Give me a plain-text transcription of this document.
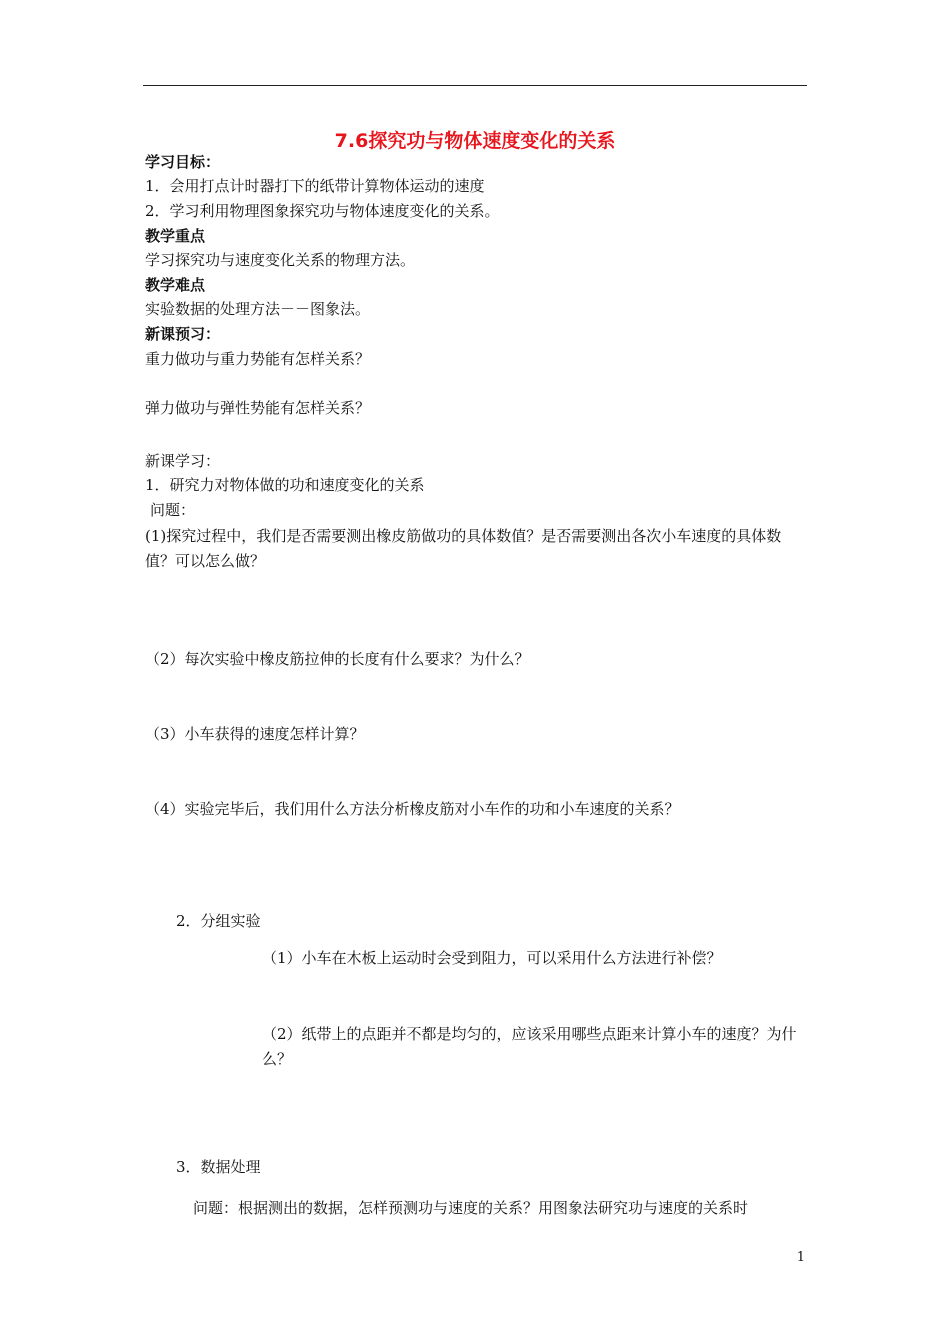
7.6探究功与物体速度变化的关系
学习目标：
1．会用打点计时器打下的纸带计算物体运动的速度
2．学习利用物理图象探究功与物体速度变化的关系。
教学重点
学习探究功与速度变化关系的物理方法。
教学难点
实验数据的处理方法－－图象法。
新课预习：
重力做功与重力势能有怎样关系？
弹力做功与弹性势能有怎样关系？
新课学习：
1．研究力对物体做的功和速度变化的关系
问题：
(1)探究过程中，我们是否需要测出橡皮筋做功的具体数值？是否需要测出各次小车速度的具体数值？可以怎么做？
（2）每次实验中橡皮筋拉伸的长度有什么要求？为什么？
（3）小车获得的速度怎样计算？
（4）实验完毕后，我们用什么方法分析橡皮筋对小车作的功和小车速度的关系？
2．分组实验
（1）小车在木板上运动时会受到阻力，可以采用什么方法进行补偿？
（2）纸带上的点距并不都是均匀的，应该采用哪些点距来计算小车的速度？为什么？
3．数据处理
问题：根据测出的数据，怎样预测功与速度的关系？用图象法研究功与速度的关系时
1
